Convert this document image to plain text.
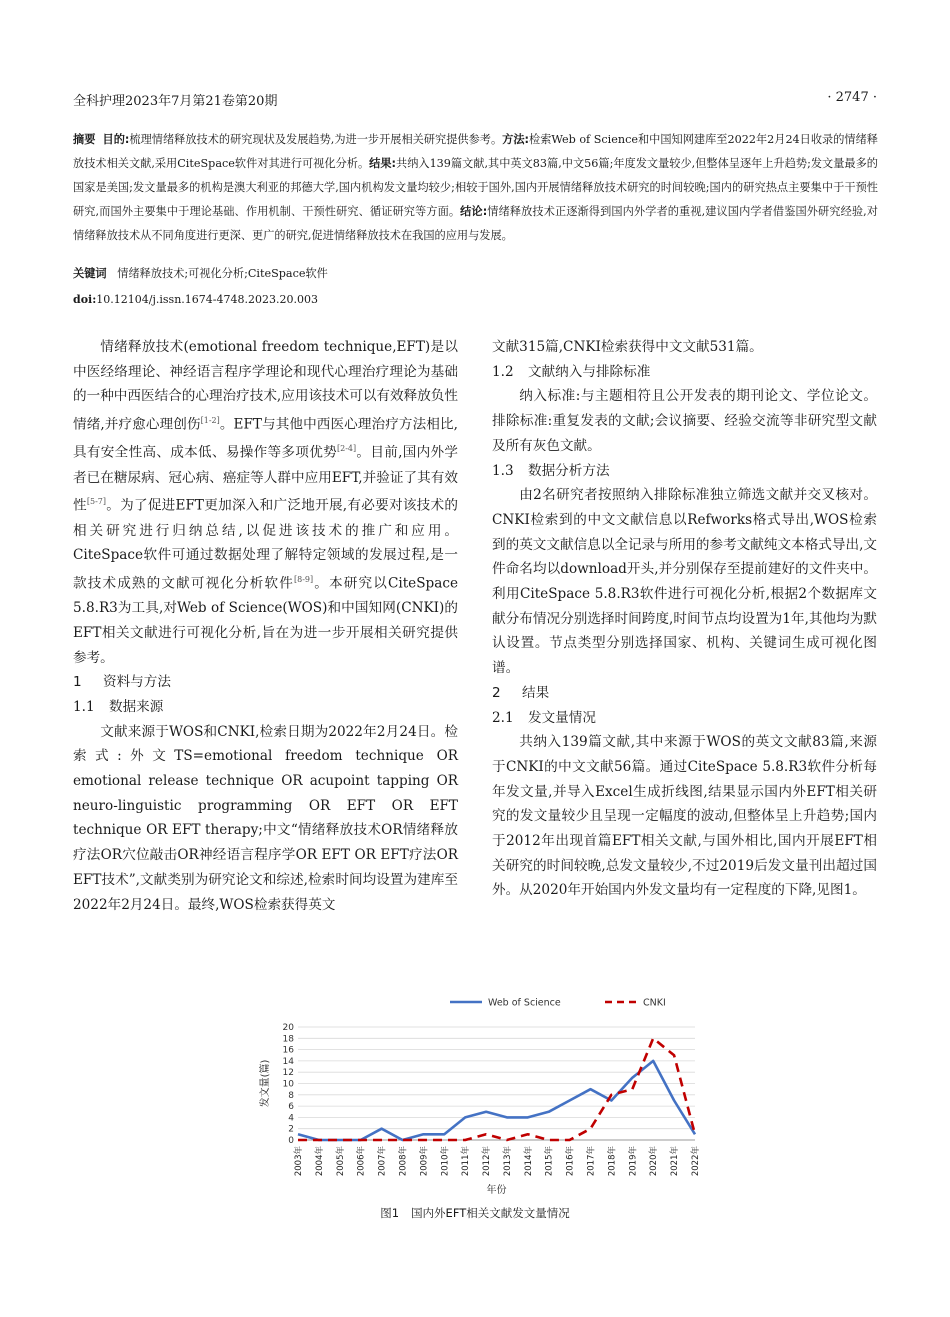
全科护理2023年7月第21卷第20期	· 2747 ·
摘要 目的:梳理情绪释放技术的研究现状及发展趋势,为进一步开展相关研究提供参考。方法:检索Web of Science和中国知网建库至2022年2月24日收录的情绪释放技术相关文献,采用CiteSpace软件对其进行可视化分析。结果:共纳入139篇文献,其中英文83篇,中文56篇;年度发文量较少,但整体呈逐年上升趋势;发文量最多的国家是美国;发文量最多的机构是澳大利亚的邦德大学,国内机构发文量均较少;相较于国外,国内开展情绪释放技术研究的时间较晚;国内的研究热点主要集中于干预性研究,而国外主要集中于理论基础、作用机制、干预性研究、循证研究等方面。结论:情绪释放技术正逐渐得到国内外学者的重视,建议国内学者借鉴国外研究经验,对情绪释放技术从不同角度进行更深、更广的研究,促进情绪释放技术在我国的应用与发展。
关键词 情绪释放技术;可视化分析;CiteSpace软件
doi:10.12104/j.issn.1674-4748.2023.20.003

情绪释放技术(emotional freedom technique,EFT)是以中医经络理论、神经语言程序学理论和现代心理治疗理论为基础的一种中西医结合的心理治疗技术,应用该技术可以有效释放负性情绪,并疗愈心理创伤[1-2]。EFT与其他中西医心理治疗方法相比,具有安全性高、成本低、易操作等多项优势[2-4]。目前,国内外学者已在糖尿病、冠心病、癌症等人群中应用EFT,并验证了其有效性[5-7]。为了促进EFT更加深入和广泛地开展,有必要对该技术的相关研究进行归纳总结,以促进该技术的推广和应用。CiteSpace软件可通过数据处理了解特定领域的发展过程,是一款技术成熟的文献可视化分析软件[8-9]。本研究以CiteSpace 5.8.R3为工具,对Web of Science(WOS)和中国知网(CNKI)的EFT相关文献进行可视化分析,旨在为进一步开展相关研究提供参考。

1 资料与方法
1.1 数据来源

文献来源于WOS和CNKI,检索日期为2022年2月24日。检索式:外文TS=emotional freedom technique OR emotional release technique OR acupoint tapping OR neuro-linguistic programming OR EFT OR EFT technique OR EFT therapy;中文“情绪释放技术OR情绪释放疗法OR穴位敲击OR神经语言程序学OR EFT OR EFT疗法OR EFT技术”,文献类别为研究论文和综述,检索时间均设置为建库至2022年2月24日。最终,WOS检索获得英文

文献315篇,CNKI检索获得中文文献531篇。

1.2 文献纳入与排除标准

纳入标准:与主题相符且公开发表的期刊论文、学位论文。排除标准:重复发表的文献;会议摘要、经验交流等非研究型文献及所有灰色文献。

1.3 数据分析方法

由2名研究者按照纳入排除标准独立筛选文献并交叉核对。CNKI检索到的中文文献信息以Refworks格式导出,WOS检索到的英文文献信息以全记录与所用的参考文献纯文本格式导出,文件命名均以download开头,并分别保存至提前建好的文件夹中。利用CiteSpace 5.8.R3软件进行可视化分析,根据2个数据库文献分布情况分别选择时间跨度,时间节点均设置为1年,其他均为默认设置。节点类型分别选择国家、机构、关键词生成可视化图谱。

2 结果
2.1 发文量情况

共纳入139篇文献,其中来源于WOS的英文文献83篇,来源于CNKI的中文文献56篇。通过CiteSpace 5.8.R3软件分析每年发文量,并导入Excel生成折线图,结果显示国内外EFT相关研究的发文量较少且呈现一定幅度的波动,但整体呈上升趋势;国内于2012年出现首篇EFT相关文献,与国外相比,国内开展EFT相关研究的时间较晚,总发文量较少,不过2019后发文量刊出超过国外。从2020年开始国内外发文量均有一定程度的下降,见图1。

0
2
4
6
8
10
12
14
16
18
20
2003年 2004年 2005年 2006年 2007年 2008年 2009年 2010年 2011年 2012年 2013年 2014年 2015年 2016年 2017年 2018年 2019年 2020年 2021年 2022年
年份
发文量(篇)
Web of Science	CNKI
图1 国内外EFT相关文献发文量情况
